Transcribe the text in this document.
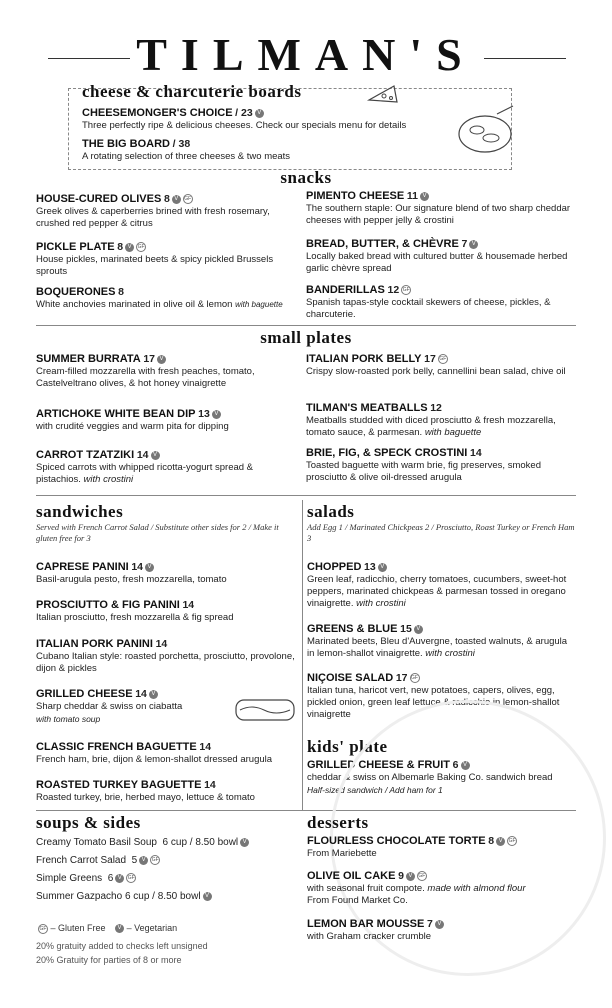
TILMAN'S
cheese & charcuterie boards
CHEESEMONGER'S CHOICE / 23 V
Three perfectly ripe & delicious cheeses. Check our specials menu for details
THE BIG BOARD / 38
A rotating selection of three cheeses & two meats
snacks
HOUSE-CURED OLIVES 8 V GF
Greek olives & caperberries brined with fresh rosemary, crushed red pepper & citrus
PICKLE PLATE 8 V GF
House pickles, marinated beets & spicy pickled Brussels sprouts
BOQUERONES 8
White anchovies marinated in olive oil & lemon with baguette
PIMENTO CHEESE 11 V
The southern staple: Our signature blend of two sharp cheddar cheeses with pepper jelly & crostini
BREAD, BUTTER, & CHÈVRE 7 V
Locally baked bread with cultured butter & housemade herbed garlic chèvre spread
BANDERILLAS 12 GF
Spanish tapas-style cocktail skewers of cheese, pickles, & charcuterie.
small plates
SUMMER BURRATA 17 V
Cream-filled mozzarella with fresh peaches, tomato, Castelveltrano olives, & hot honey vinaigrette
ARTICHOKE WHITE BEAN DIP 13 V
with crudité veggies and warm pita for dipping
CARROT TZATZIKI 14 V
Spiced carrots with whipped ricotta-yogurt spread & pistachios. with crostini
ITALIAN PORK BELLY 17 GF
Crispy slow-roasted pork belly, cannellini bean salad, chive oil
TILMAN'S MEATBALLS 12
Meatballs studded with diced prosciutto & fresh mozzarella, tomato sauce, & parmesan. with baguette
BRIE, FIG, & SPECK CROSTINI 14
Toasted baguette with warm brie, fig preserves, smoked prosciutto & olive oil-dressed arugula
sandwiches
Served with French Carrot Salad / Substitute other sides for 2 / Make it gluten free for 3
CAPRESE PANINI 14 V
Basil-arugula pesto, fresh mozzarella, tomato
PROSCIUTTO & FIG PANINI 14
Italian prosciutto, fresh mozzarella & fig spread
ITALIAN PORK PANINI 14
Cubano Italian style: roasted porchetta, prosciutto, provolone, dijon & pickles
GRILLED CHEESE 14 V
Sharp cheddar & swiss on ciabatta
with tomato soup
CLASSIC FRENCH BAGUETTE 14
French ham, brie, dijon & lemon-shallot dressed arugula
ROASTED TURKEY BAGUETTE 14
Roasted turkey, brie, herbed mayo, lettuce & tomato
salads
Add Egg 1 / Marinated Chickpeas 2 / Prosciutto, Roast Turkey or French Ham 3
CHOPPED 13 V
Green leaf, radicchio, cherry tomatoes, cucumbers, sweet-hot peppers, marinated chickpeas & parmesan tossed in oregano vinaigrette. with crostini
GREENS & BLUE 15 V
Marinated beets, Bleu d'Auvergne, toasted walnuts, & arugula in lemon-shallot vinaigrette. with crostini
NIÇOISE SALAD 17 GF
Italian tuna, haricot vert, new potatoes, capers, olives, egg, pickled onion, green leaf lettuce & radicchio in lemon-shallot vinaigrette
kids' plate
GRILLED CHEESE & FRUIT 6 V
cheddar & swiss on Albemarle Baking Co. sandwich bread
Half-sized sandwich / Add ham for 1
soups & sides
Creamy Tomato Basil Soup 6 cup / 8.50 bowl V
French Carrot Salad 5 V GF
Simple Greens 6 V GF
Summer Gazpacho 6 cup / 8.50 bowl V
GF – Gluten Free V – Vegetarian
20% gratuity added to checks left unsigned
20% Gratuity for parties of 8 or more
desserts
FLOURLESS CHOCOLATE TORTE 8 V GF
From Mariebette
OLIVE OIL CAKE 9 V GF
with seasonal fruit compote. made with almond flour
From Found Market Co.
LEMON BAR MOUSSE 7 V
with Graham cracker crumble
